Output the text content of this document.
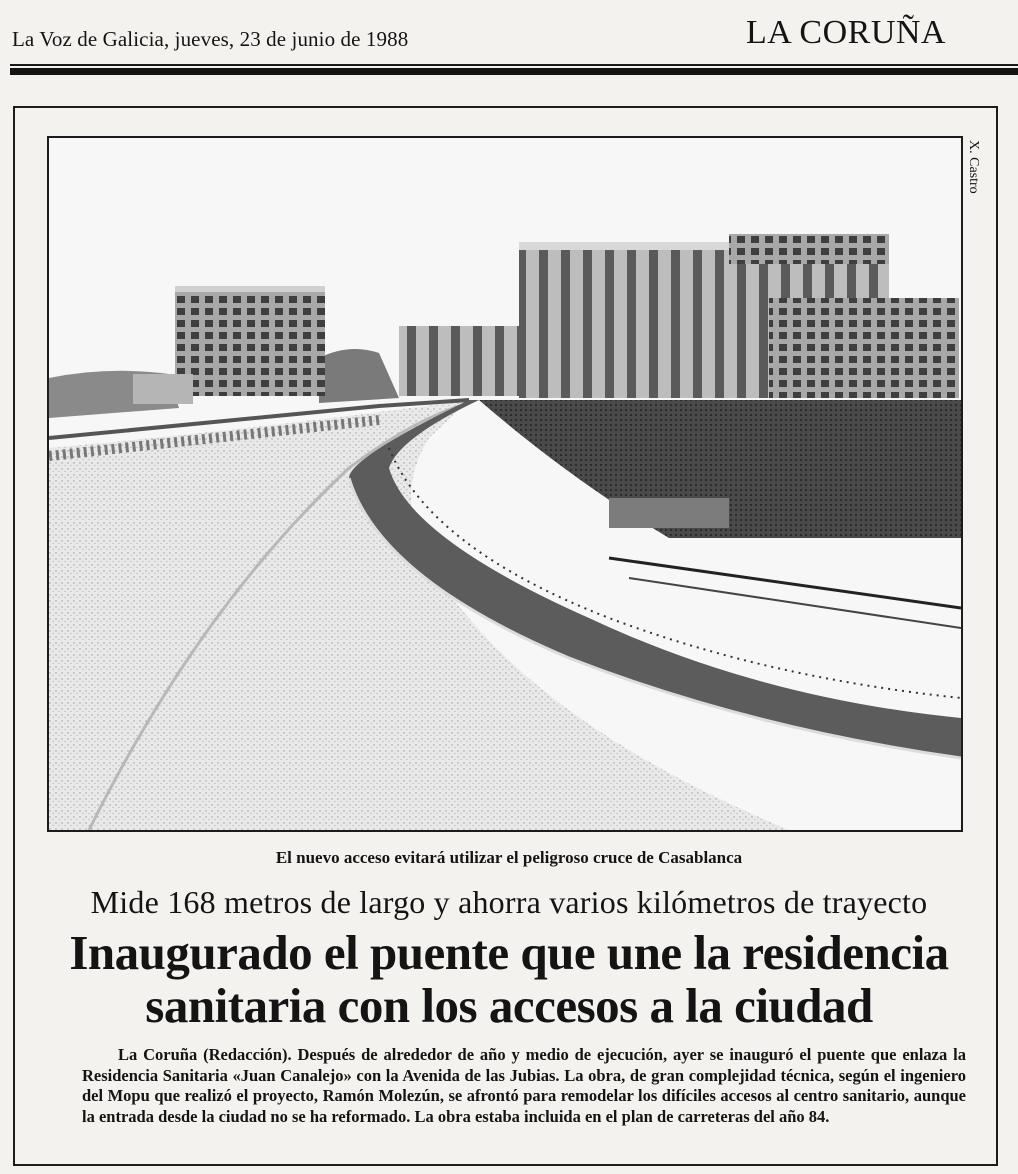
La Voz de Galicia, jueves, 23 de junio de 1988	LA CORUÑA
X. Castro
El nuevo acceso evitará utilizar el peligroso cruce de Casablanca
Mide 168 metros de largo y ahorra varios kilómetros de trayecto
Inaugurado el puente que une la residencia
sanitaria con los accesos a la ciudad
La Coruña (Redacción). Después de alrededor de año y medio de ejecución, ayer se inauguró el puente que enlaza la Residencia Sanitaria «Juan Canalejo» con la Avenida de las Jubias. La obra, de gran complejidad técnica, según el ingeniero del Mopu que realizó el proyecto, Ramón Molezún, se afrontó para remodelar los difíciles accesos al centro sanitario, aunque la entrada desde la ciudad no se ha reformado. La obra estaba incluida en el plan de carreteras del año 84.
